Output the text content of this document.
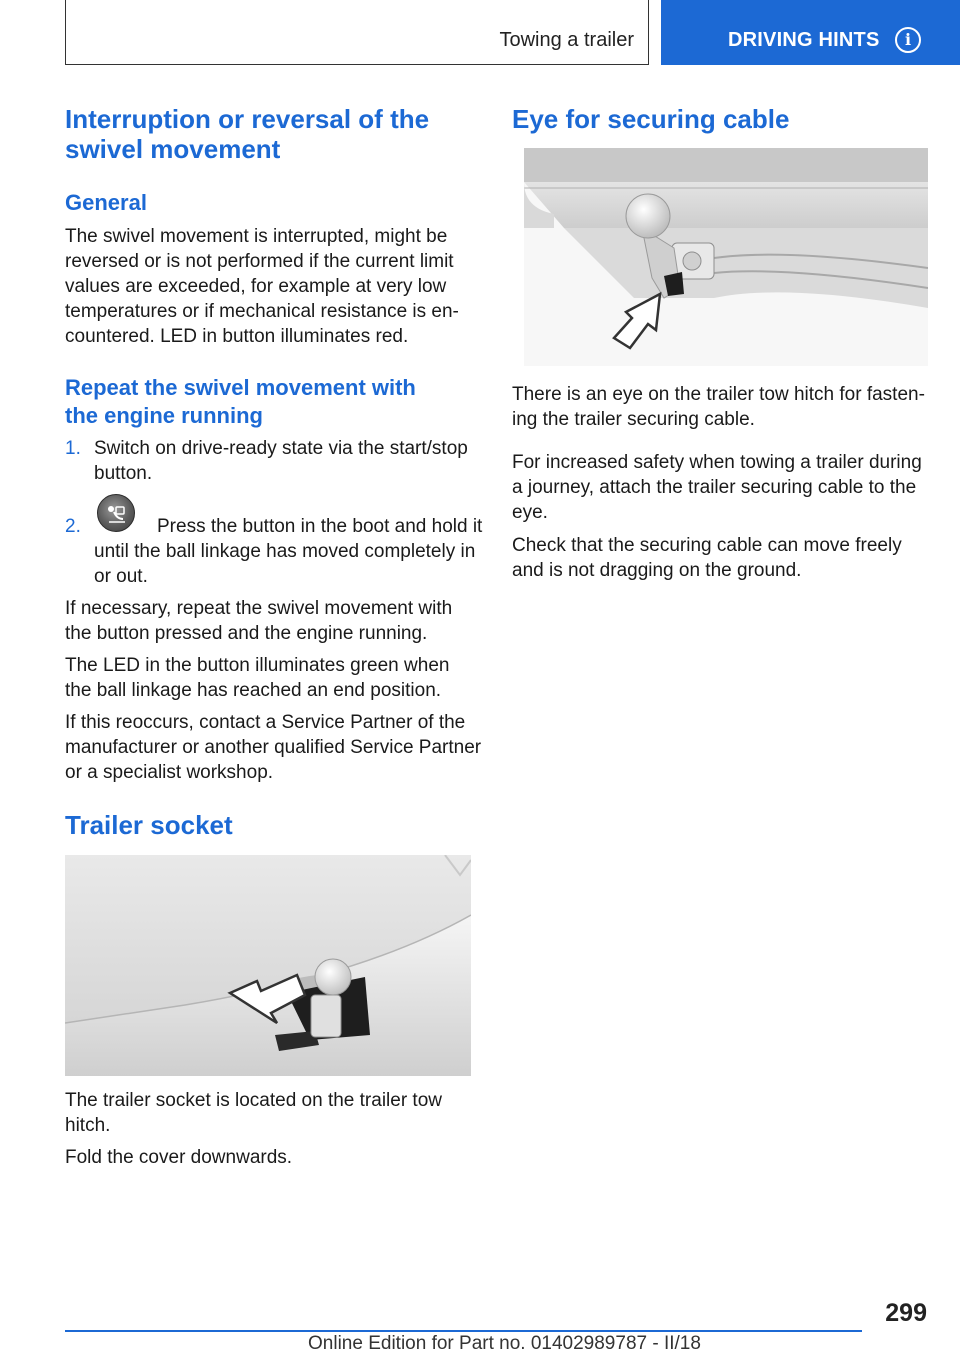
Towing a trailer	DRIVING HINTS	i
Interruption or reversal of the swivel movement
General
The swivel movement is interrupted, might be
reversed or is not performed if the current limit
values are exceeded, for example at very low
temperatures or if mechanical resistance is en‐
countered. LED in button illuminates red.
Repeat the swivel movement with
the engine running
1. Switch on drive-ready state via the start/stop
button.
2.	Press the button in the boot and hold it
until the ball linkage has moved completely in
or out.
If necessary, repeat the swivel movement with
the button pressed and the engine running.
The LED in the button illuminates green when
the ball linkage has reached an end position.
If this reoccurs, contact a Service Partner of the
manufacturer or another qualified Service Partner
or a specialist workshop.
Trailer socket
The trailer socket is located on the trailer tow
hitch.
Fold the cover downwards.
Eye for securing cable
There is an eye on the trailer tow hitch for fasten‐
ing the trailer securing cable.
For increased safety when towing a trailer during
a journey, attach the trailer securing cable to the
eye.
Check that the securing cable can move freely
and is not dragging on the ground.
299
Online Edition for Part no. 01402989787 - II/18
